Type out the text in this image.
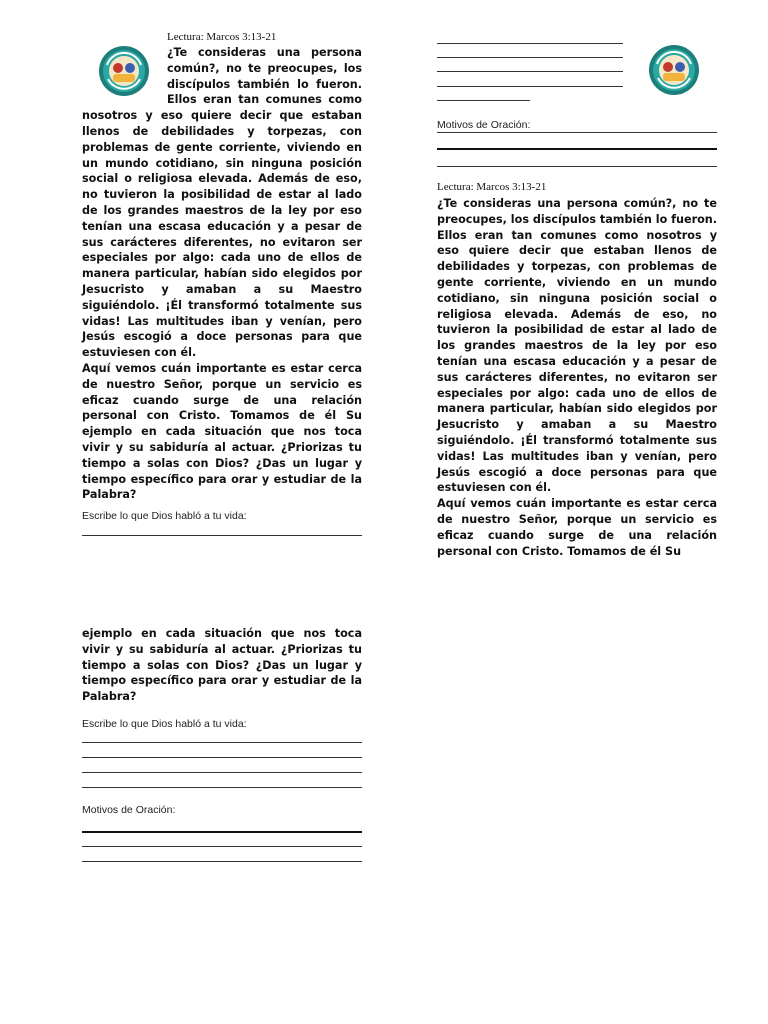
Lectura: Marcos 3:13-21

¿Te consideras una persona común?, no te preocupes, los discípulos también lo fueron. Ellos eran tan comunes como nosotros y eso quiere decir que estaban llenos de debilidades y torpezas, con problemas de gente corriente, viviendo en un mundo cotidiano, sin ninguna posición social o religiosa elevada. Además de eso, no tuvieron la posibilidad de estar al lado de los grandes maestros de la ley por eso tenían una escasa educación y a pesar de sus carácteres diferentes, no evitaron ser especiales por algo: cada uno de ellos de manera particular, habían sido elegidos por Jesucristo y amaban a su Maestro siguiéndolo. ¡Él transformó totalmente sus vidas! Las multitudes iban y venían, pero Jesús escogió a doce personas para que estuviesen con él.

Aquí vemos cuán importante es estar cerca de nuestro Señor, porque un servicio es eficaz cuando surge de una relación personal con Cristo. Tomamos de él Su ejemplo en cada situación que nos toca vivir y su sabiduría al actuar. ¿Priorizas tu tiempo a solas con Dios? ¿Das un lugar y tiempo específico para orar y estudiar de la Palabra?

Escribe lo que Dios habló a tu vida:

ejemplo en cada situación que nos toca vivir y su sabiduría al actuar. ¿Priorizas tu tiempo a solas con Dios? ¿Das un lugar y tiempo específico para orar y estudiar de la Palabra?

Escribe lo que Dios habló a tu vida:
Motivos de Oración:
Motivos de Oración:
Lectura: Marcos 3:13-21

¿Te consideras una persona común?, no te preocupes, los discípulos también lo fueron. Ellos eran tan comunes como nosotros y eso quiere decir que estaban llenos de debilidades y torpezas, con problemas de gente corriente, viviendo en un mundo cotidiano, sin ninguna posición social o religiosa elevada. Además de eso, no tuvieron la posibilidad de estar al lado de los grandes maestros de la ley por eso tenían una escasa educación y a pesar de sus carácteres diferentes, no evitaron ser especiales por algo: cada uno de ellos de manera particular, habían sido elegidos por Jesucristo y amaban a su Maestro siguiéndolo. ¡Él transformó totalmente sus vidas! Las multitudes iban y venían, pero Jesús escogió a doce personas para que estuviesen con él.

Aquí vemos cuán importante es estar cerca de nuestro Señor, porque un servicio es eficaz cuando surge de una relación personal con Cristo. Tomamos de él Su
